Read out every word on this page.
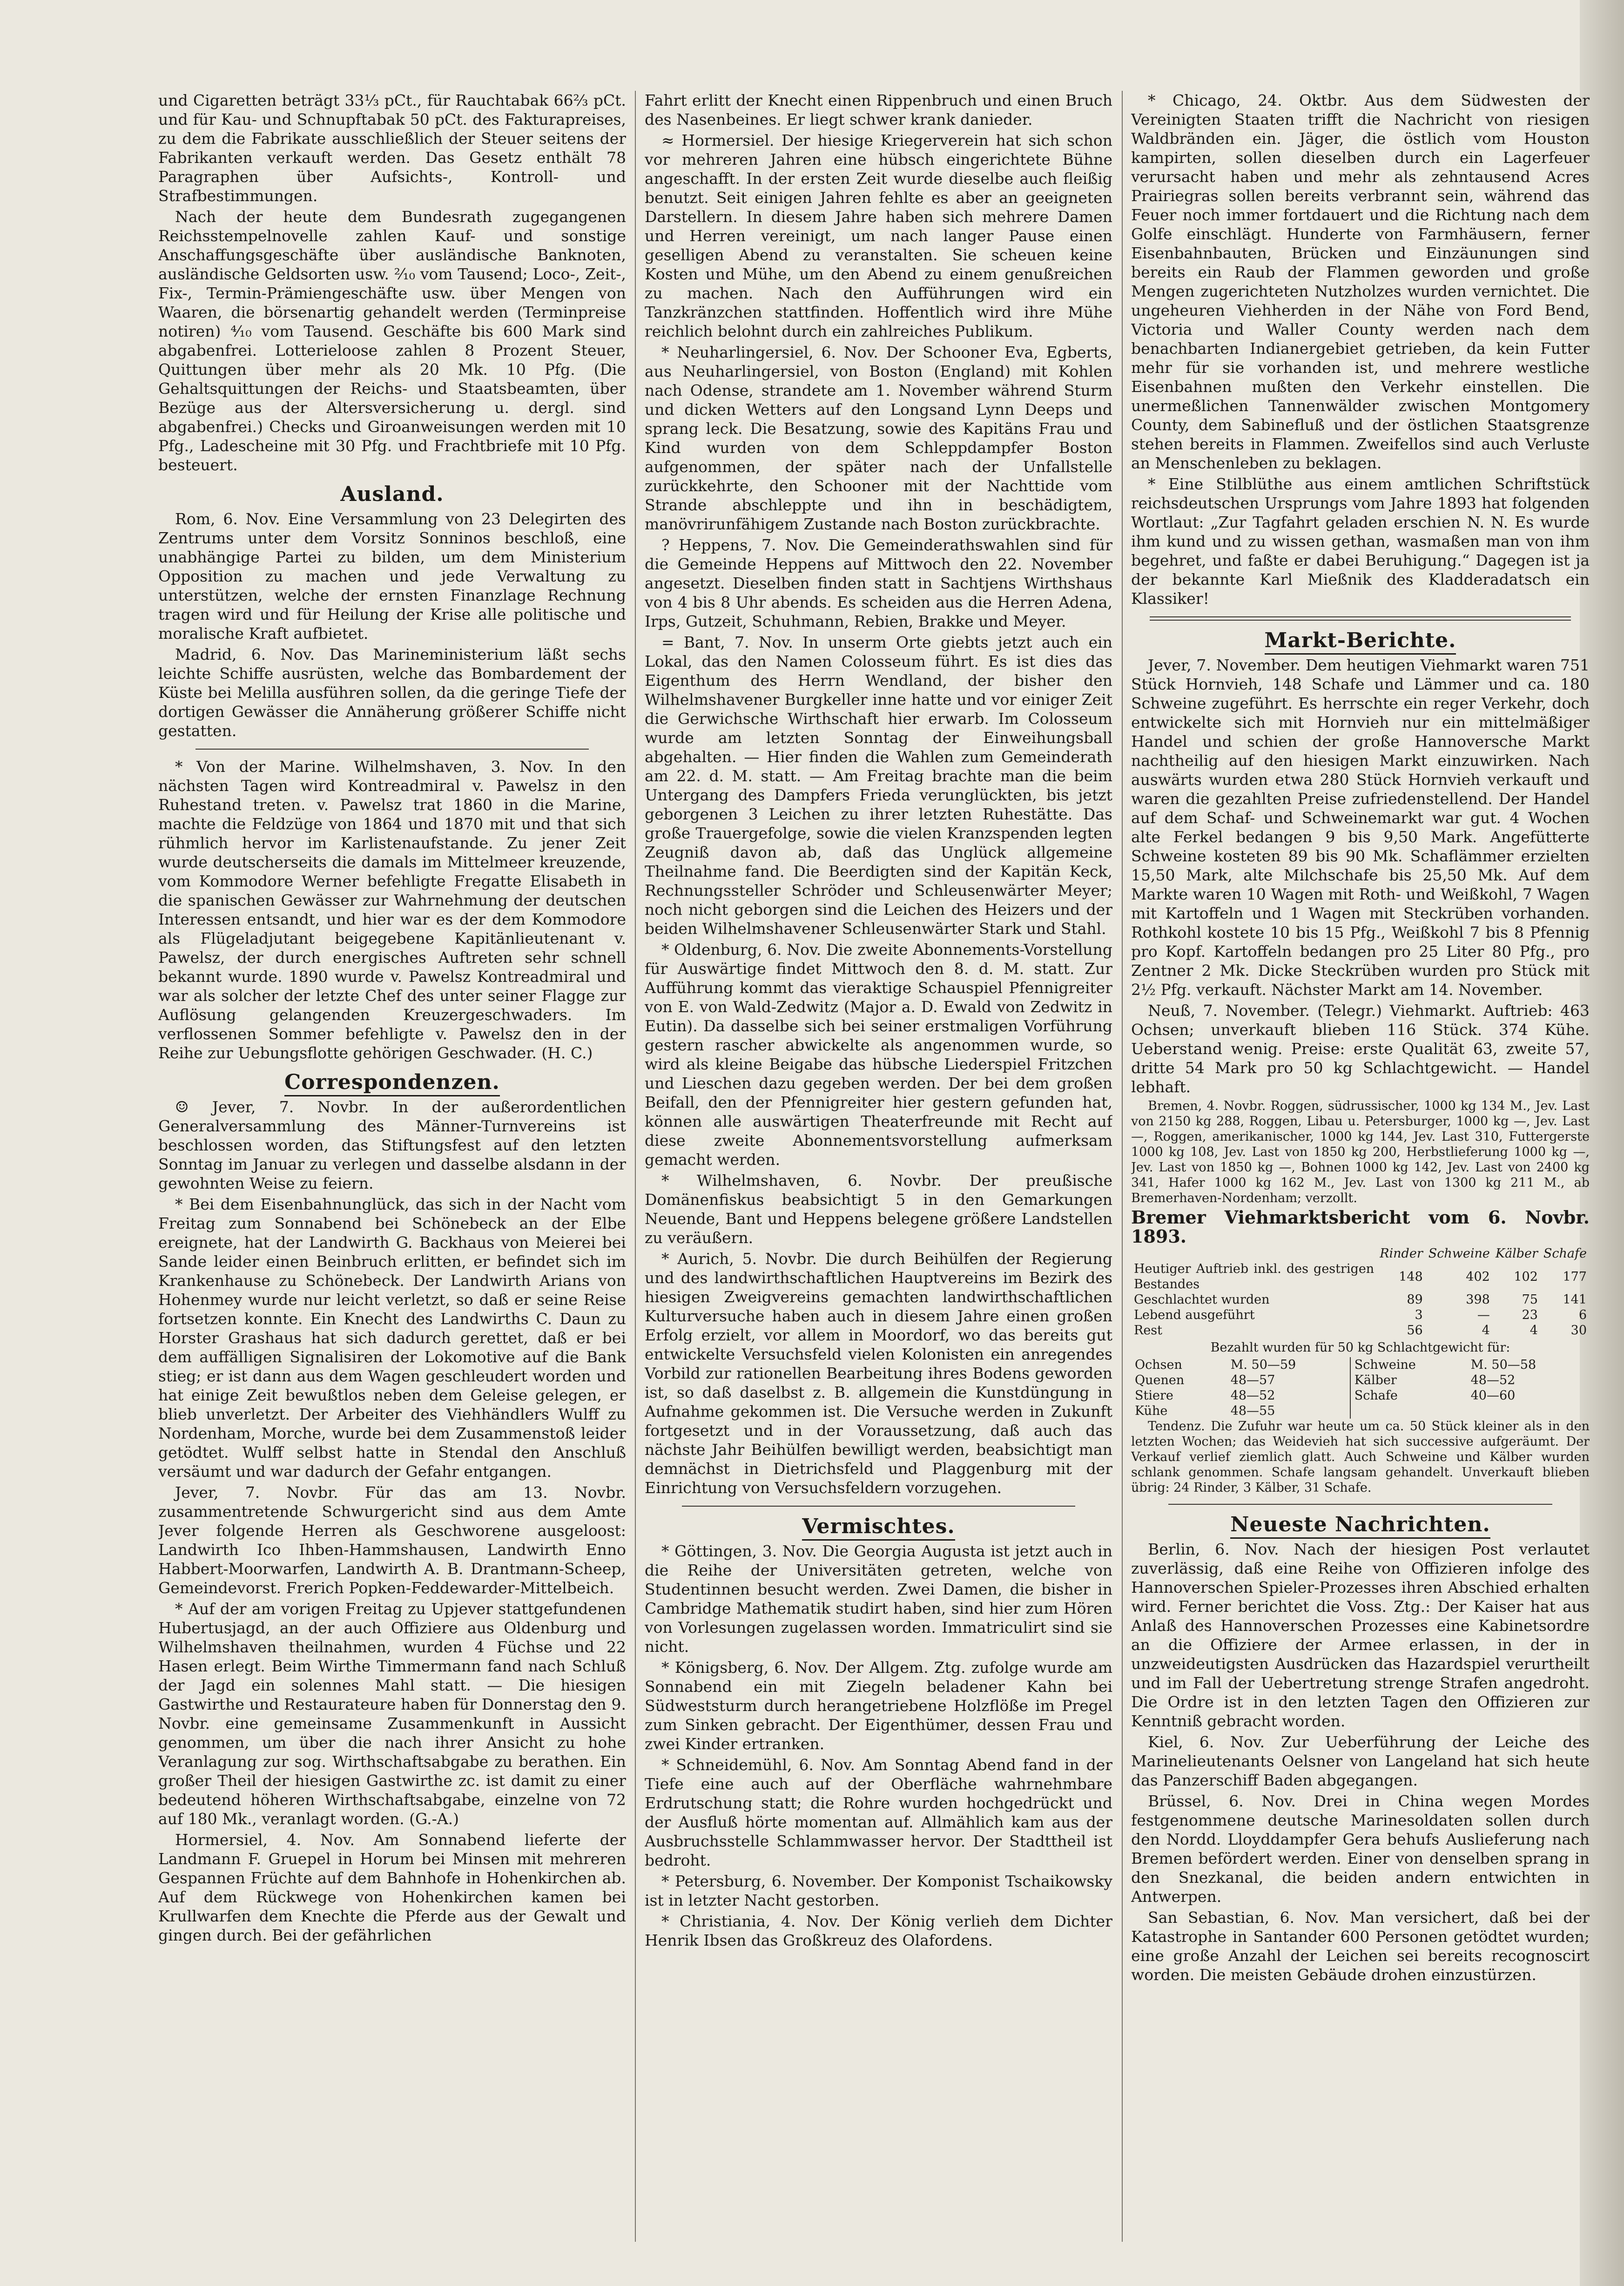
und Cigaretten beträgt 33⅓ pCt., für Rauchtabak 66⅔ pCt. und für Kau- und Schnupftabak 50 pCt. des Fakturapreises, zu dem die Fabrikate ausschließlich der Steuer seitens der Fabrikanten verkauft werden. Das Gesetz enthält 78 Paragraphen über Aufsichts-, Kontroll- und Strafbestimmungen.

Nach der heute dem Bundesrath zugegangenen Reichsstempelnovelle zahlen Kauf- und sonstige Anschaffungsgeschäfte über ausländische Banknoten, ausländische Geldsorten usw. ²⁄₁₀ vom Tausend; Loco-, Zeit-, Fix-, Termin-Prämiengeschäfte usw. über Mengen von Waaren, die börsenartig gehandelt werden (Terminpreise notiren) ⁴⁄₁₀ vom Tausend. Geschäfte bis 600 Mark sind abgabenfrei. Lotterieloose zahlen 8 Prozent Steuer, Quittungen über mehr als 20 Mk. 10 Pfg. (Die Gehaltsquittungen der Reichs- und Staatsbeamten, über Bezüge aus der Altersversicherung u. dergl. sind abgabenfrei.) Checks und Giroanweisungen werden mit 10 Pfg., Ladescheine mit 30 Pfg. und Frachtbriefe mit 10 Pfg. besteuert.

Ausland.

Rom, 6. Nov. Eine Versammlung von 23 Delegirten des Zentrums unter dem Vorsitz Sonninos beschloß, eine unabhängige Partei zu bilden, um dem Ministerium Opposition zu machen und jede Verwaltung zu unterstützen, welche der ernsten Finanzlage Rechnung tragen wird und für Heilung der Krise alle politische und moralische Kraft aufbietet.

Madrid, 6. Nov. Das Marineministerium läßt sechs leichte Schiffe ausrüsten, welche das Bombardement der Küste bei Melilla ausführen sollen, da die geringe Tiefe der dortigen Gewässer die Annäherung größerer Schiffe nicht gestatten.

* Von der Marine. Wilhelmshaven, 3. Nov. In den nächsten Tagen wird Kontreadmiral v. Pawelsz in den Ruhestand treten. v. Pawelsz trat 1860 in die Marine, machte die Feldzüge von 1864 und 1870 mit und that sich rühmlich hervor im Karlistenaufstande. Zu jener Zeit wurde deutscherseits die damals im Mittelmeer kreuzende, vom Kommodore Werner befehligte Fregatte Elisabeth in die spanischen Gewässer zur Wahrnehmung der deutschen Interessen entsandt, und hier war es der dem Kommodore als Flügeladjutant beigegebene Kapitänlieutenant v. Pawelsz, der durch energisches Auftreten sehr schnell bekannt wurde. 1890 wurde v. Pawelsz Kontreadmiral und war als solcher der letzte Chef des unter seiner Flagge zur Auflösung gelangenden Kreuzergeschwaders. Im verflossenen Sommer befehligte v. Pawelsz den in der Reihe zur Uebungsflotte gehörigen Geschwader. (H. C.)

Correspondenzen.

☺ Jever, 7. Novbr. In der außerordentlichen Generalversammlung des Männer-Turnvereins ist beschlossen worden, das Stiftungsfest auf den letzten Sonntag im Januar zu verlegen und dasselbe alsdann in der gewohnten Weise zu feiern.

* Bei dem Eisenbahnunglück, das sich in der Nacht vom Freitag zum Sonnabend bei Schönebeck an der Elbe ereignete, hat der Landwirth G. Backhaus von Meierei bei Sande leider einen Beinbruch erlitten, er befindet sich im Krankenhause zu Schönebeck. Der Landwirth Arians von Hohenmey wurde nur leicht verletzt, so daß er seine Reise fortsetzen konnte. Ein Knecht des Landwirths C. Daun zu Horster Grashaus hat sich dadurch gerettet, daß er bei dem auffälligen Signalisiren der Lokomotive auf die Bank stieg; er ist dann aus dem Wagen geschleudert worden und hat einige Zeit bewußtlos neben dem Geleise gelegen, er blieb unverletzt. Der Arbeiter des Viehhändlers Wulff zu Nordenham, Morche, wurde bei dem Zusammenstoß leider getödtet. Wulff selbst hatte in Stendal den Anschluß versäumt und war dadurch der Gefahr entgangen.

Jever, 7. Novbr. Für das am 13. Novbr. zusammentretende Schwurgericht sind aus dem Amte Jever folgende Herren als Geschworene ausgeloost: Landwirth Ico Ihben-Hammshausen, Landwirth Enno Habbert-Moorwarfen, Landwirth A. B. Drantmann-Scheep, Gemeindevorst. Frerich Popken-Feddewarder-Mittelbeich.

* Auf der am vorigen Freitag zu Upjever stattgefundenen Hubertusjagd, an der auch Offiziere aus Oldenburg und Wilhelmshaven theilnahmen, wurden 4 Füchse und 22 Hasen erlegt. Beim Wirthe Timmermann fand nach Schluß der Jagd ein solennes Mahl statt. — Die hiesigen Gastwirthe und Restaurateure haben für Donnerstag den 9. Novbr. eine gemeinsame Zusammenkunft in Aussicht genommen, um über die nach ihrer Ansicht zu hohe Veranlagung zur sog. Wirthschaftsabgabe zu berathen. Ein großer Theil der hiesigen Gastwirthe zc. ist damit zu einer bedeutend höheren Wirthschaftsabgabe, einzelne von 72 auf 180 Mk., veranlagt worden. (G.-A.)

Hormersiel, 4. Nov. Am Sonnabend lieferte der Landmann F. Gruepel in Horum bei Minsen mit mehreren Gespannen Früchte auf dem Bahnhofe in Hohenkirchen ab. Auf dem Rückwege von Hohenkirchen kamen bei Krullwarfen dem Knechte die Pferde aus der Gewalt und gingen durch. Bei der gefährlichen

Fahrt erlitt der Knecht einen Rippenbruch und einen Bruch des Nasenbeines. Er liegt schwer krank danieder.

≈ Hormersiel. Der hiesige Kriegerverein hat sich schon vor mehreren Jahren eine hübsch eingerichtete Bühne angeschafft. In der ersten Zeit wurde dieselbe auch fleißig benutzt. Seit einigen Jahren fehlte es aber an geeigneten Darstellern. In diesem Jahre haben sich mehrere Damen und Herren vereinigt, um nach langer Pause einen geselligen Abend zu veranstalten. Sie scheuen keine Kosten und Mühe, um den Abend zu einem genußreichen zu machen. Nach den Aufführungen wird ein Tanzkränzchen stattfinden. Hoffentlich wird ihre Mühe reichlich belohnt durch ein zahlreiches Publikum.

* Neuharlingersiel, 6. Nov. Der Schooner Eva, Egberts, aus Neuharlingersiel, von Boston (England) mit Kohlen nach Odense, strandete am 1. November während Sturm und dicken Wetters auf den Longsand Lynn Deeps und sprang leck. Die Besatzung, sowie des Kapitäns Frau und Kind wurden von dem Schleppdampfer Boston aufgenommen, der später nach der Unfallstelle zurückkehrte, den Schooner mit der Nachttide vom Strande abschleppte und ihn in beschädigtem, manövrirunfähigem Zustande nach Boston zurückbrachte.

? Heppens, 7. Nov. Die Gemeinderathswahlen sind für die Gemeinde Heppens auf Mittwoch den 22. November angesetzt. Dieselben finden statt in Sachtjens Wirthshaus von 4 bis 8 Uhr abends. Es scheiden aus die Herren Adena, Irps, Gutzeit, Schuhmann, Rebien, Brakke und Meyer.

= Bant, 7. Nov. In unserm Orte giebts jetzt auch ein Lokal, das den Namen Colosseum führt. Es ist dies das Eigenthum des Herrn Wendland, der bisher den Wilhelmshavener Burgkeller inne hatte und vor einiger Zeit die Gerwichsche Wirthschaft hier erwarb. Im Colosseum wurde am letzten Sonntag der Einweihungsball abgehalten. — Hier finden die Wahlen zum Gemeinderath am 22. d. M. statt. — Am Freitag brachte man die beim Untergang des Dampfers Frieda verunglückten, bis jetzt geborgenen 3 Leichen zu ihrer letzten Ruhestätte. Das große Trauergefolge, sowie die vielen Kranzspenden legten Zeugniß davon ab, daß das Unglück allgemeine Theilnahme fand. Die Beerdigten sind der Kapitän Keck, Rechnungssteller Schröder und Schleusenwärter Meyer; noch nicht geborgen sind die Leichen des Heizers und der beiden Wilhelmshavener Schleusenwärter Stark und Stahl.

* Oldenburg, 6. Nov. Die zweite Abonnements-Vorstellung für Auswärtige findet Mittwoch den 8. d. M. statt. Zur Aufführung kommt das vieraktige Schauspiel Pfennigreiter von E. von Wald-Zedwitz (Major a. D. Ewald von Zedwitz in Eutin). Da dasselbe sich bei seiner erstmaligen Vorführung gestern rascher abwickelte als angenommen wurde, so wird als kleine Beigabe das hübsche Liederspiel Fritzchen und Lieschen dazu gegeben werden. Der bei dem großen Beifall, den der Pfennigreiter hier gestern gefunden hat, können alle auswärtigen Theaterfreunde mit Recht auf diese zweite Abonnementsvorstellung aufmerksam gemacht werden.

* Wilhelmshaven, 6. Novbr. Der preußische Domänenfiskus beabsichtigt 5 in den Gemarkungen Neuende, Bant und Heppens belegene größere Landstellen zu veräußern.

* Aurich, 5. Novbr. Die durch Beihülfen der Regierung und des landwirthschaftlichen Hauptvereins im Bezirk des hiesigen Zweigvereins gemachten landwirthschaftlichen Kulturversuche haben auch in diesem Jahre einen großen Erfolg erzielt, vor allem in Moordorf, wo das bereits gut entwickelte Versuchsfeld vielen Kolonisten ein anregendes Vorbild zur rationellen Bearbeitung ihres Bodens geworden ist, so daß daselbst z. B. allgemein die Kunstdüngung in Aufnahme gekommen ist. Die Versuche werden in Zukunft fortgesetzt und in der Voraussetzung, daß auch das nächste Jahr Beihülfen bewilligt werden, beabsichtigt man demnächst in Dietrichsfeld und Plaggenburg mit der Einrichtung von Versuchsfeldern vorzugehen.

Vermischtes.

* Göttingen, 3. Nov. Die Georgia Augusta ist jetzt auch in die Reihe der Universitäten getreten, welche von Studentinnen besucht werden. Zwei Damen, die bisher in Cambridge Mathematik studirt haben, sind hier zum Hören von Vorlesungen zugelassen worden. Immatriculirt sind sie nicht.

* Königsberg, 6. Nov. Der Allgem. Ztg. zufolge wurde am Sonnabend ein mit Ziegeln beladener Kahn bei Südweststurm durch herangetriebene Holzflöße im Pregel zum Sinken gebracht. Der Eigenthümer, dessen Frau und zwei Kinder ertranken.

* Schneidemühl, 6. Nov. Am Sonntag Abend fand in der Tiefe eine auch auf der Oberfläche wahrnehmbare Erdrutschung statt; die Rohre wurden hochgedrückt und der Ausfluß hörte momentan auf. Allmählich kam aus der Ausbruchsstelle Schlammwasser hervor. Der Stadttheil ist bedroht.

* Petersburg, 6. November. Der Komponist Tschaikowsky ist in letzter Nacht gestorben.

* Christiania, 4. Nov. Der König verlieh dem Dichter Henrik Ibsen das Großkreuz des Olafordens.

* Chicago, 24. Oktbr. Aus dem Südwesten der Vereinigten Staaten trifft die Nachricht von riesigen Waldbränden ein. Jäger, die östlich vom Houston kampirten, sollen dieselben durch ein Lagerfeuer verursacht haben und mehr als zehntausend Acres Prairiegras sollen bereits verbrannt sein, während das Feuer noch immer fortdauert und die Richtung nach dem Golfe einschlägt. Hunderte von Farmhäusern, ferner Eisenbahnbauten, Brücken und Einzäunungen sind bereits ein Raub der Flammen geworden und große Mengen zugerichteten Nutzholzes wurden vernichtet. Die ungeheuren Viehherden in der Nähe von Ford Bend, Victoria und Waller County werden nach dem benachbarten Indianergebiet getrieben, da kein Futter mehr für sie vorhanden ist, und mehrere westliche Eisenbahnen mußten den Verkehr einstellen. Die unermeßlichen Tannenwälder zwischen Montgomery County, dem Sabinefluß und der östlichen Staatsgrenze stehen bereits in Flammen. Zweifellos sind auch Verluste an Menschenleben zu beklagen.

* Eine Stilblüthe aus einem amtlichen Schriftstück reichsdeutschen Ursprungs vom Jahre 1893 hat folgenden Wortlaut: „Zur Tagfahrt geladen erschien N. N. Es wurde ihm kund und zu wissen gethan, wasmaßen man von ihm begehret, und faßte er dabei Beruhigung.“ Dagegen ist ja der bekannte Karl Mießnik des Kladderadatsch ein Klassiker!

Markt-Berichte.

Jever, 7. November. Dem heutigen Viehmarkt waren 751 Stück Hornvieh, 148 Schafe und Lämmer und ca. 180 Schweine zugeführt. Es herrschte ein reger Verkehr, doch entwickelte sich mit Hornvieh nur ein mittelmäßiger Handel und schien der große Hannoversche Markt nachtheilig auf den hiesigen Markt einzuwirken. Nach auswärts wurden etwa 280 Stück Hornvieh verkauft und waren die gezahlten Preise zufriedenstellend. Der Handel auf dem Schaf- und Schweinemarkt war gut. 4 Wochen alte Ferkel bedangen 9 bis 9,50 Mark. Angefütterte Schweine kosteten 89 bis 90 Mk. Schaflämmer erzielten 15,50 Mark, alte Milchschafe bis 25,50 Mk. Auf dem Markte waren 10 Wagen mit Roth- und Weißkohl, 7 Wagen mit Kartoffeln und 1 Wagen mit Steckrüben vorhanden. Rothkohl kostete 10 bis 15 Pfg., Weißkohl 7 bis 8 Pfennig pro Kopf. Kartoffeln bedangen pro 25 Liter 80 Pfg., pro Zentner 2 Mk. Dicke Steckrüben wurden pro Stück mit 2½ Pfg. verkauft. Nächster Markt am 14. November.

Neuß, 7. November. (Telegr.) Viehmarkt. Auftrieb: 463 Ochsen; unverkauft blieben 116 Stück. 374 Kühe. Ueberstand wenig. Preise: erste Qualität 63, zweite 57, dritte 54 Mark pro 50 kg Schlachtgewicht. — Handel lebhaft.

Bremen, 4. Novbr. Roggen, südrussischer, 1000 kg 134 M., Jev. Last von 2150 kg 288, Roggen, Libau u. Petersburger, 1000 kg —, Jev. Last —, Roggen, amerikanischer, 1000 kg 144, Jev. Last 310, Futtergerste 1000 kg 108, Jev. Last von 1850 kg 200, Herbstlieferung 1000 kg —, Jev. Last von 1850 kg —, Bohnen 1000 kg 142, Jev. Last von 2400 kg 341, Hafer 1000 kg 162 M., Jev. Last von 1300 kg 211 M., ab Bremerhaven-Nordenham; verzollt.

Bremer Viehmarktsbericht vom 6. Novbr. 1893.
	Rinder	Schweine	Kälber	Schafe
Heutiger Auftrieb inkl. des gestrigen Bestandes	148	402	102	177
Geschlachtet wurden	89	398	75	141
Lebend ausgeführt	3	—	23	6
Rest	56	4	4	30
Bezahlt wurden für 50 kg Schlachtgewicht für:
Ochsen	M. 50—59	Schweine	M. 50—58
Quenen	48—57	Kälber	48—52
Stiere	48—52	Schafe	40—60
Kühe	48—55		

Tendenz. Die Zufuhr war heute um ca. 50 Stück kleiner als in den letzten Wochen; das Weidevieh hat sich successive aufgeräumt. Der Verkauf verlief ziemlich glatt. Auch Schweine und Kälber wurden schlank genommen. Schafe langsam gehandelt. Unverkauft blieben übrig: 24 Rinder, 3 Kälber, 31 Schafe.

Neueste Nachrichten.

Berlin, 6. Nov. Nach der hiesigen Post verlautet zuverlässig, daß eine Reihe von Offizieren infolge des Hannoverschen Spieler-Prozesses ihren Abschied erhalten wird. Ferner berichtet die Voss. Ztg.: Der Kaiser hat aus Anlaß des Hannoverschen Prozesses eine Kabinetsordre an die Offiziere der Armee erlassen, in der in unzweideutigsten Ausdrücken das Hazardspiel verurtheilt und im Fall der Uebertretung strenge Strafen angedroht. Die Ordre ist in den letzten Tagen den Offizieren zur Kenntniß gebracht worden.

Kiel, 6. Nov. Zur Ueberführung der Leiche des Marinelieutenants Oelsner von Langeland hat sich heute das Panzerschiff Baden abgegangen.

Brüssel, 6. Nov. Drei in China wegen Mordes festgenommene deutsche Marinesoldaten sollen durch den Nordd. Lloyddampfer Gera behufs Auslieferung nach Bremen befördert werden. Einer von denselben sprang in den Snezkanal, die beiden andern entwichten in Antwerpen.

San Sebastian, 6. Nov. Man versichert, daß bei der Katastrophe in Santander 600 Personen getödtet wurden; eine große Anzahl der Leichen sei bereits recognoscirt worden. Die meisten Gebäude drohen einzustürzen.
